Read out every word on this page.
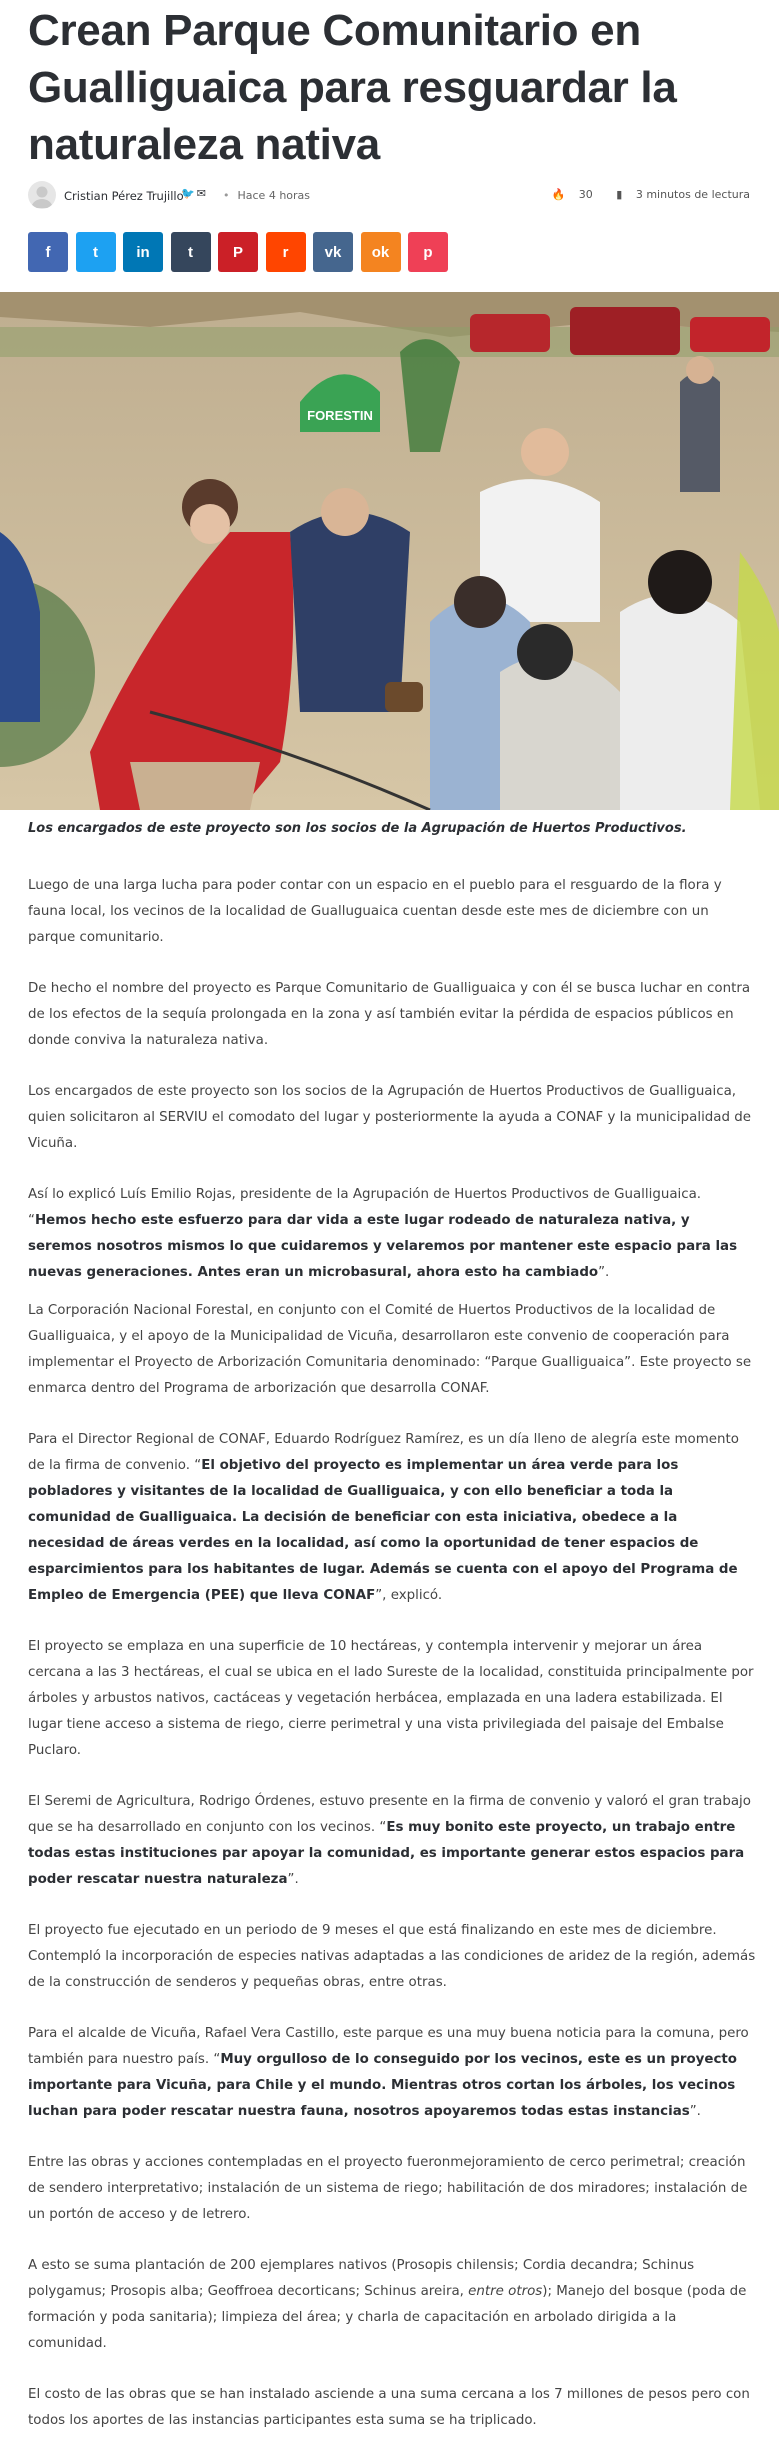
Crean Parque Comunitario en Gualliguaica para resguardar la naturaleza nativa
Cristian Pérez Trujillo
🐦✉ • Hace 4 horas	🔥 30 ▮ 3 minutos de lectura
f	t	in	t	P	r vk ok p
FORESTIN
Los encargados de este proyecto son los socios de la Agrupación de Huertos Productivos.

Luego de una larga lucha para poder contar con un espacio en el pueblo para el resguardo de la flora y fauna local, los vecinos de la localidad de Gualluguaica cuentan desde este mes de diciembre con un parque comunitario.

De hecho el nombre del proyecto es Parque Comunitario de Gualliguaica y con él se busca luchar en contra de los efectos de la sequía prolongada en la zona y así también evitar la pérdida de espacios públicos en donde conviva la naturaleza nativa.

Los encargados de este proyecto son los socios de la Agrupación de Huertos Productivos de Gualliguaica, quien solicitaron al SERVIU el comodato del lugar y posteriormente la ayuda a CONAF y la municipalidad de Vicuña.

Así lo explicó Luís Emilio Rojas, presidente de la Agrupación de Huertos Productivos de Gualliguaica. “Hemos hecho este esfuerzo para dar vida a este lugar rodeado de naturaleza nativa, y seremos nosotros mismos lo que cuidaremos y velaremos por mantener este espacio para las nuevas generaciones. Antes eran un microbasural, ahora esto ha cambiado”.

La Corporación Nacional Forestal, en conjunto con el Comité de Huertos Productivos de la localidad de Gualliguaica, y el apoyo de la Municipalidad de Vicuña, desarrollaron este convenio de cooperación para implementar el Proyecto de Arborización Comunitaria denominado: “Parque Gualliguaica”. Este proyecto se enmarca dentro del Programa de arborización que desarrolla CONAF.

Para el Director Regional de CONAF, Eduardo Rodríguez Ramírez, es un día lleno de alegría este momento de la firma de convenio. “El objetivo del proyecto es implementar un área verde para los pobladores y visitantes de la localidad de Gualliguaica, y con ello beneficiar a toda la comunidad de Gualliguaica. La decisión de beneficiar con esta iniciativa, obedece a la necesidad de áreas verdes en la localidad, así como la oportunidad de tener espacios de esparcimientos para los habitantes de lugar. Además se cuenta con el apoyo del Programa de Empleo de Emergencia (PEE) que lleva CONAF”, explicó.

El proyecto se emplaza en una superficie de 10 hectáreas, y contempla intervenir y mejorar un área cercana a las 3 hectáreas, el cual se ubica en el lado Sureste de la localidad, constituida principalmente por árboles y arbustos nativos, cactáceas y vegetación herbácea, emplazada en una ladera estabilizada. El lugar tiene acceso a sistema de riego, cierre perimetral y una vista privilegiada del paisaje del Embalse Puclaro.

El Seremi de Agricultura, Rodrigo Órdenes, estuvo presente en la firma de convenio y valoró el gran trabajo que se ha desarrollado en conjunto con los vecinos. “Es muy bonito este proyecto, un trabajo entre todas estas instituciones par apoyar la comunidad, es importante generar estos espacios para poder rescatar nuestra naturaleza”.

El proyecto fue ejecutado en un periodo de 9 meses el que está finalizando en este mes de diciembre. Contempló la incorporación de especies nativas adaptadas a las condiciones de aridez de la región, además de la construcción de senderos y pequeñas obras, entre otras.

Para el alcalde de Vicuña, Rafael Vera Castillo, este parque es una muy buena noticia para la comuna, pero también para nuestro país. “Muy orgulloso de lo conseguido por los vecinos, este es un proyecto importante para Vicuña, para Chile y el mundo. Mientras otros cortan los árboles, los vecinos luchan para poder rescatar nuestra fauna, nosotros apoyaremos todas estas instancias”.

Entre las obras y acciones contempladas en el proyecto fueronmejoramiento de cerco perimetral; creación de sendero interpretativo; instalación de un sistema de riego; habilitación de dos miradores; instalación de un portón de acceso y de letrero.

A esto se suma plantación de 200 ejemplares nativos (Prosopis chilensis; Cordia decandra; Schinus polygamus; Prosopis alba; Geoffroea decorticans; Schinus areira, entre otros); Manejo del bosque (poda de formación y poda sanitaria); limpieza del área; y charla de capacitación en arbolado dirigida a la comunidad.

El costo de las obras que se han instalado asciende a una suma cercana a los 7 millones de pesos pero con todos los aportes de las instancias participantes esta suma se ha triplicado.
